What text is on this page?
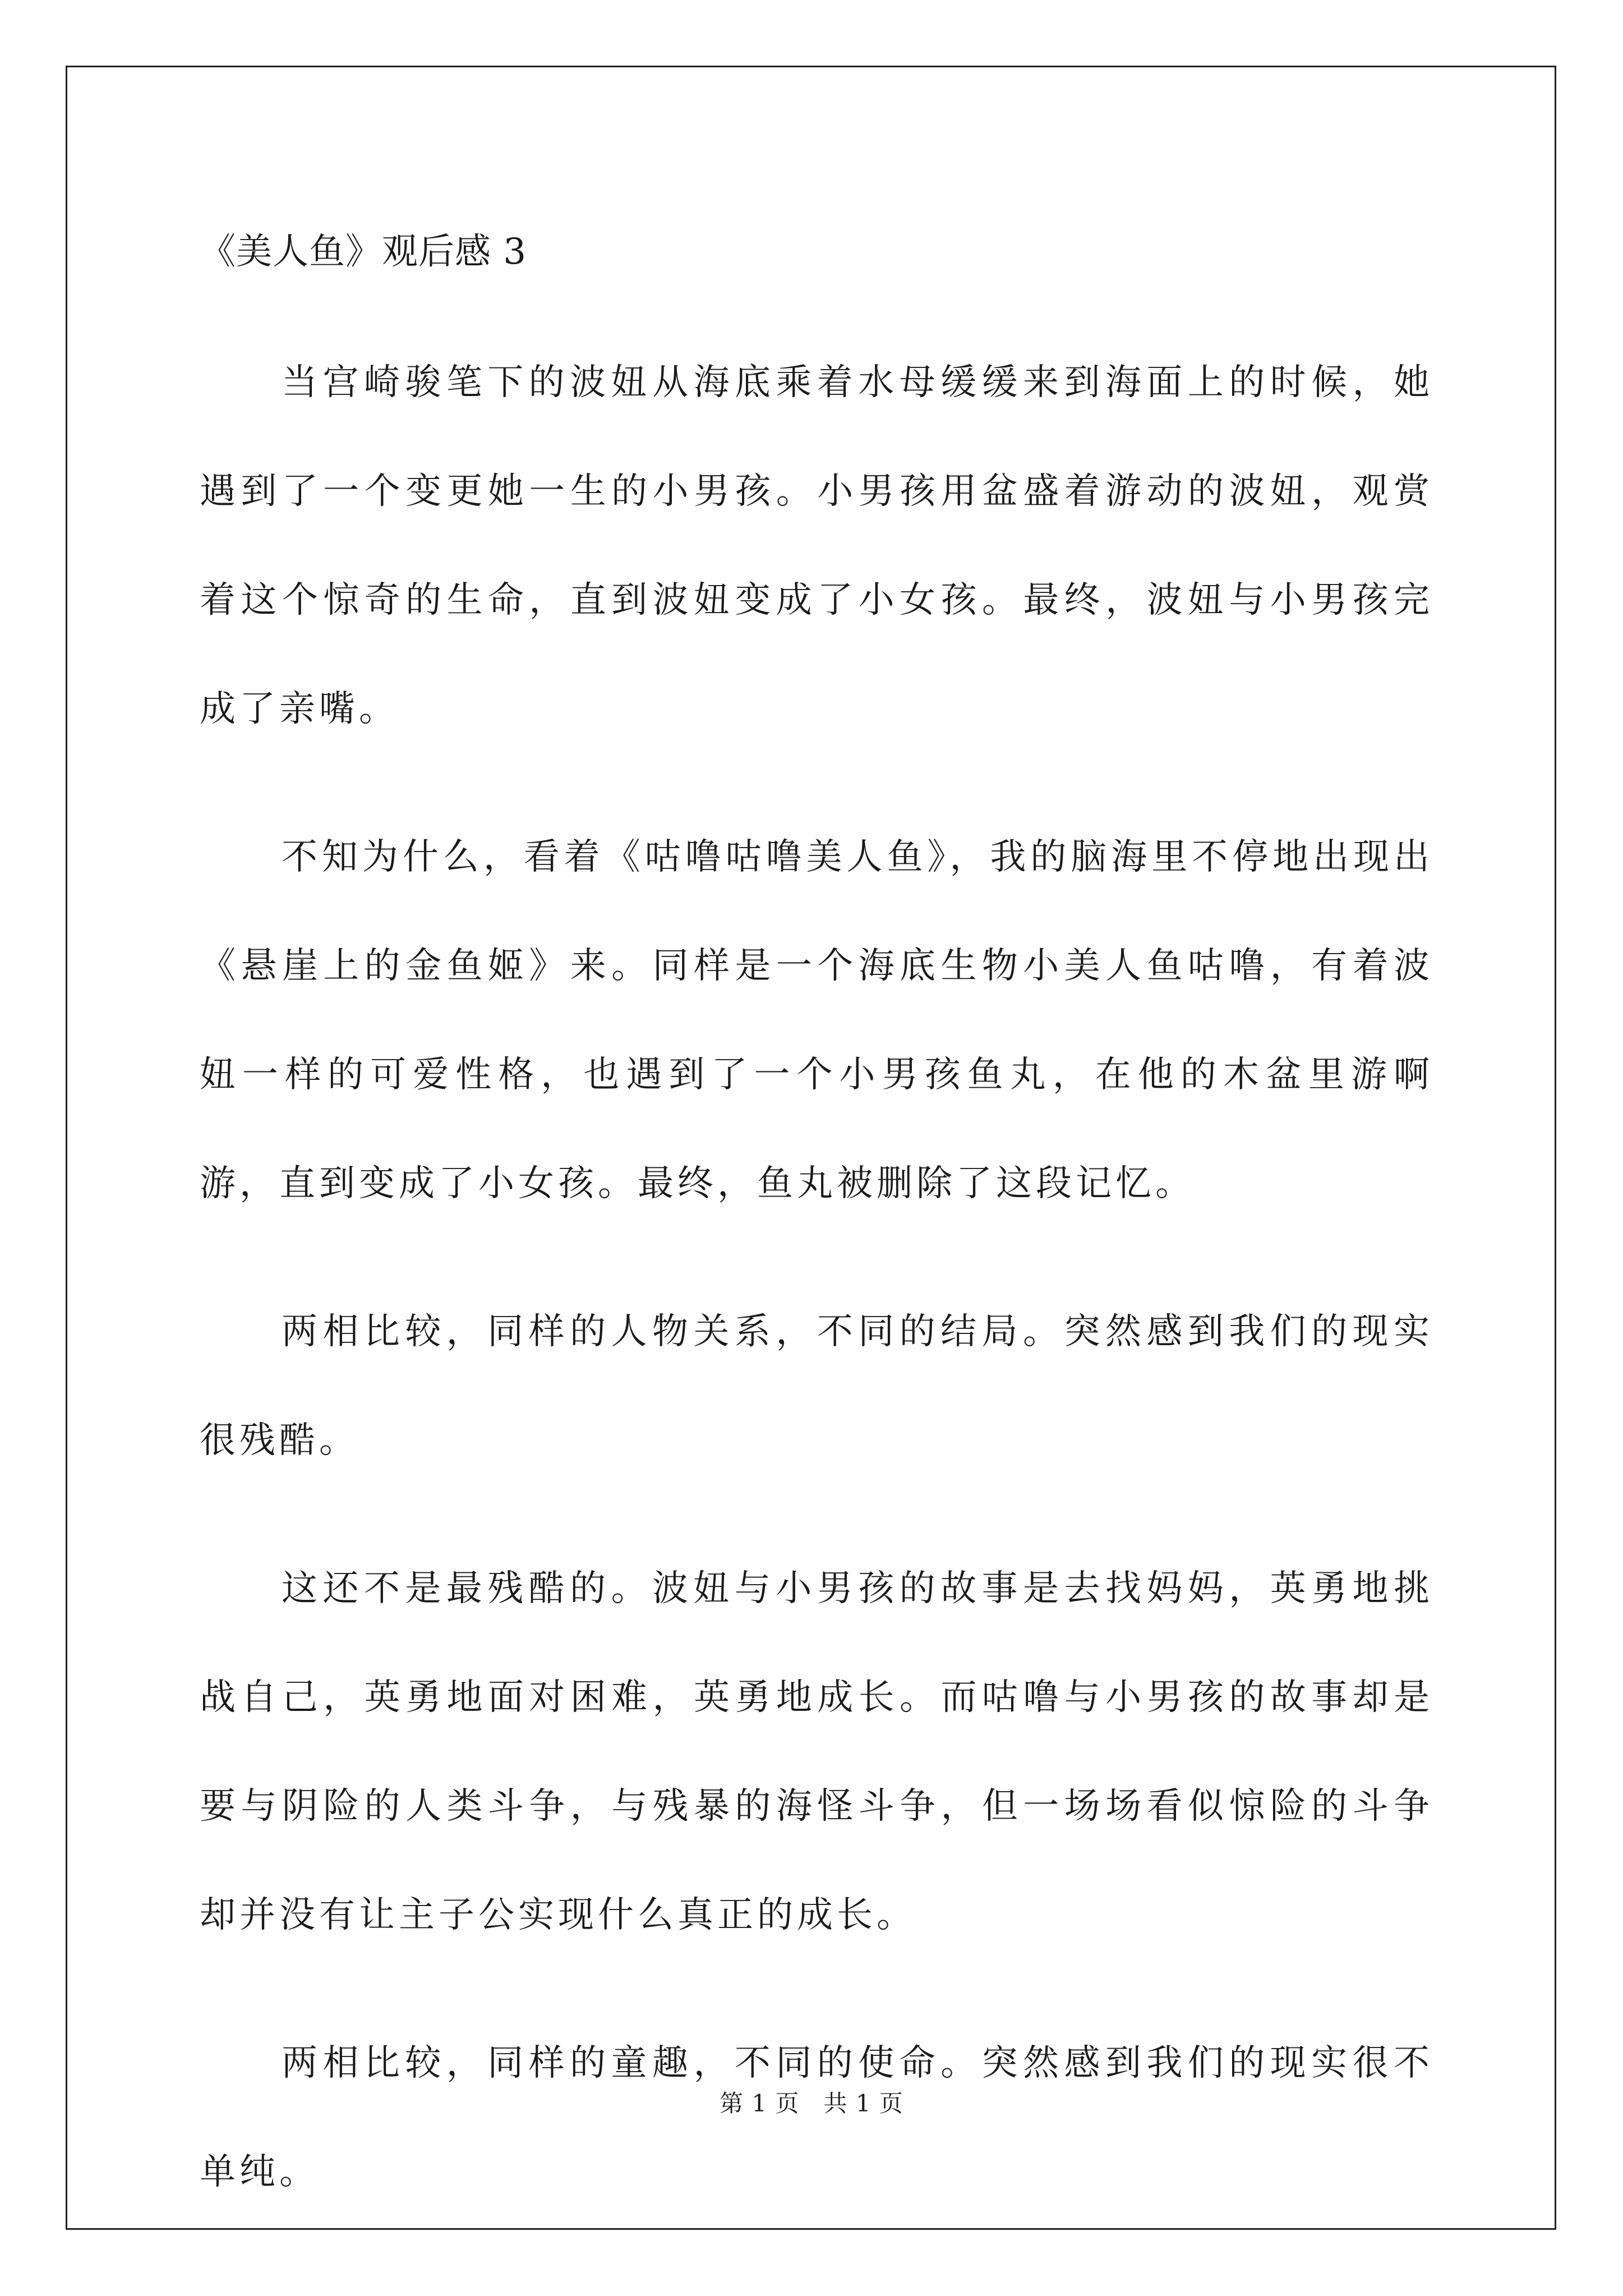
《美人鱼》观后感 3

当宫崎骏笔下的波妞从海底乘着水母缓缓来到海面上的时候，她遇到了一个变更她一生的小男孩。小男孩用盆盛着游动的波妞，观赏着这个惊奇的生命，直到波妞变成了小女孩。最终，波妞与小男孩完成了亲嘴。

不知为什么，看着《咕噜咕噜美人鱼》，我的脑海里不停地出现出《悬崖上的金鱼姬》来。同样是一个海底生物小美人鱼咕噜，有着波妞一样的可爱性格，也遇到了一个小男孩鱼丸，在他的木盆里游啊游，直到变成了小女孩。最终，鱼丸被删除了这段记忆。

两相比较，同样的人物关系，不同的结局。突然感到我们的现实很残酷。

这还不是最残酷的。波妞与小男孩的故事是去找妈妈，英勇地挑战自己，英勇地面对困难，英勇地成长。而咕噜与小男孩的故事却是要与阴险的人类斗争，与残暴的海怪斗争，但一场场看似惊险的斗争却并没有让主子公实现什么真正的成长。

两相比较，同样的童趣，不同的使命。突然感到我们的现实很不单纯。

第 1 页　共 1 页
